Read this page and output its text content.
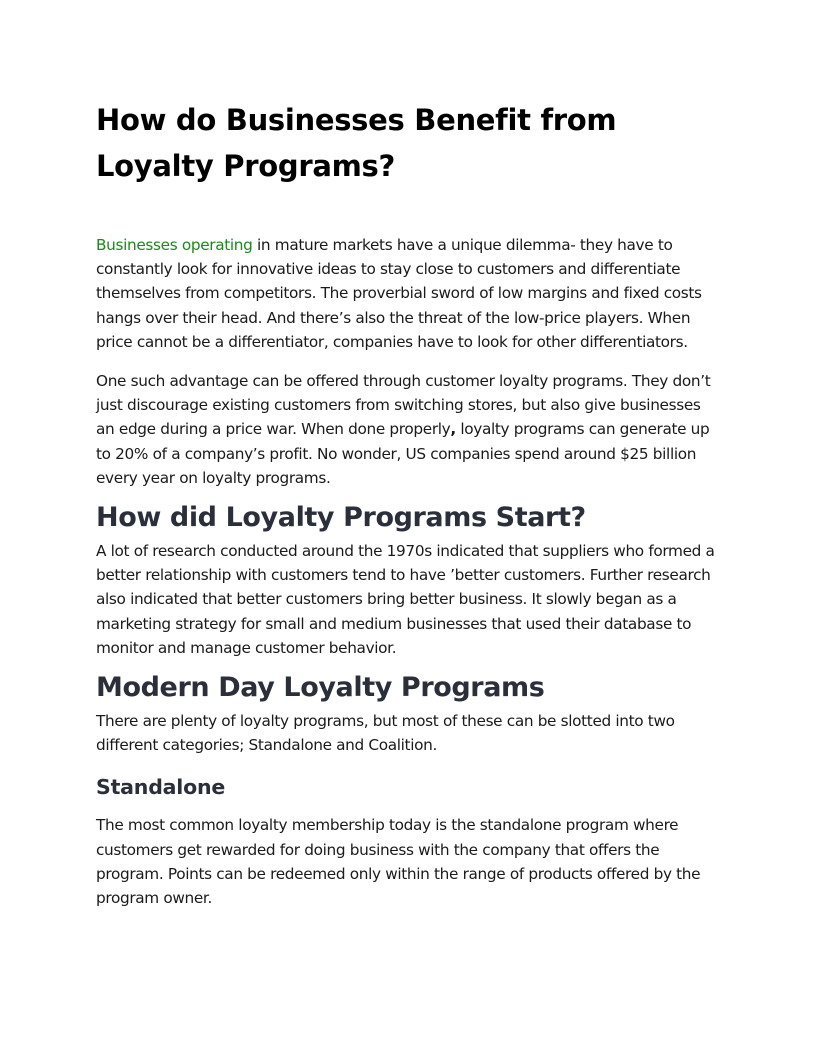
How do Businesses Benefit from
Loyalty Programs?

Businesses operating in mature markets have a unique dilemma- they have to constantly look for innovative ideas to stay close to customers and differentiate themselves from competitors. The proverbial sword of low margins and fixed costs hangs over their head. And there’s also the threat of the low-price players. When price cannot be a differentiator, companies have to look for other differentiators.

One such advantage can be offered through customer loyalty programs. They don’t just discourage existing customers from switching stores, but also give businesses an edge during a price war. When done properly, loyalty programs can generate up to 20% of a company’s profit. No wonder, US companies spend around $25 billion every year on loyalty programs.

How did Loyalty Programs Start?

A lot of research conducted around the 1970s indicated that suppliers who formed a better relationship with customers tend to have ’better customers. Further research also indicated that better customers bring better business. It slowly began as a marketing strategy for small and medium businesses that used their database to monitor and manage customer behavior.

Modern Day Loyalty Programs

There are plenty of loyalty programs, but most of these can be slotted into two different categories; Standalone and Coalition.

Standalone

The most common loyalty membership today is the standalone program where customers get rewarded for doing business with the company that offers the program. Points can be redeemed only within the range of products offered by the program owner.
